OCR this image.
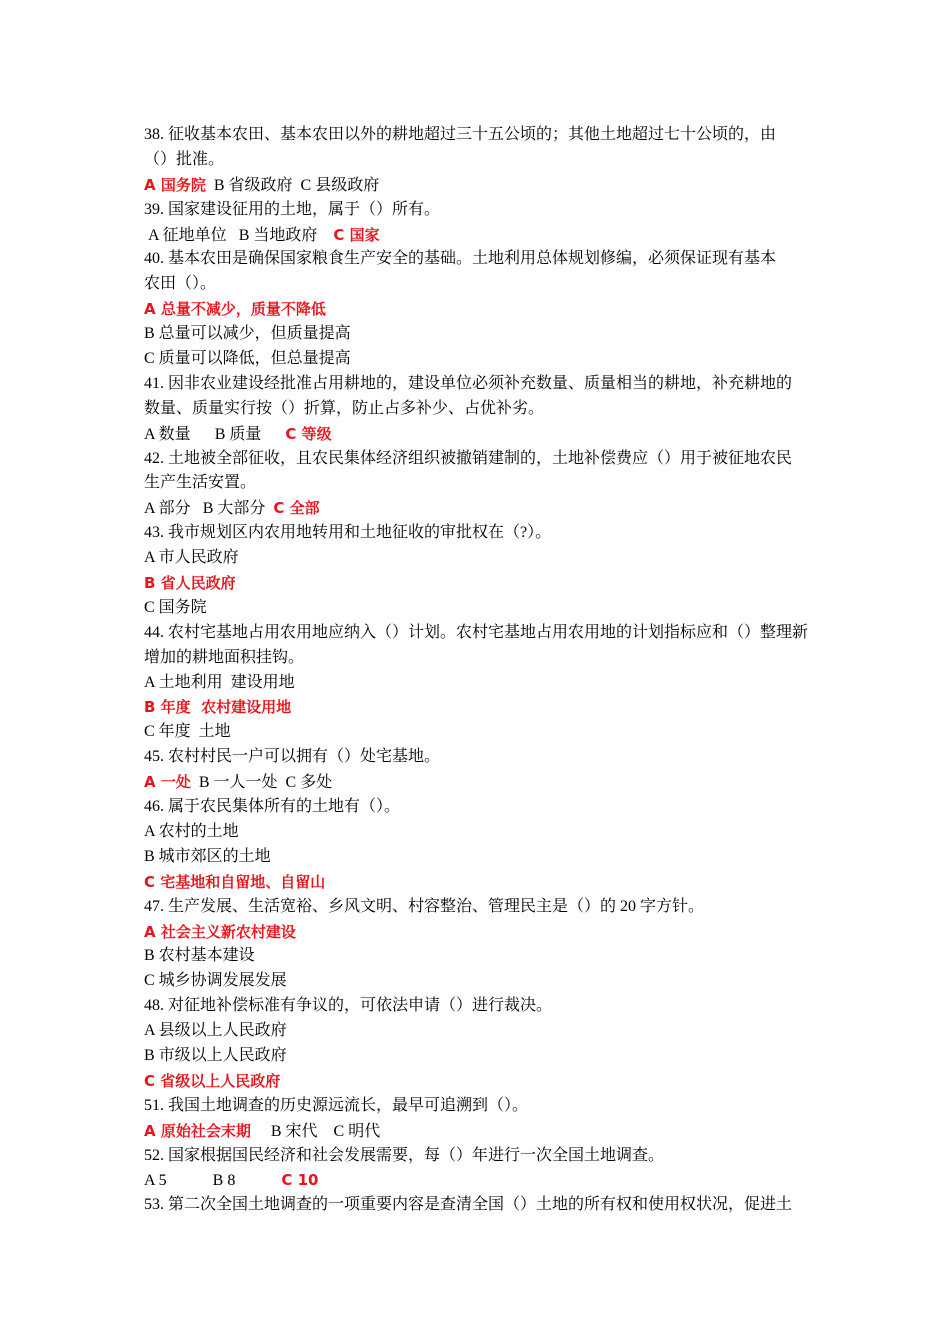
38. 征收基本农田、基本农田以外的耕地超过三十五公顷的；其他土地超过七十公顷的，由
（）批准。
A 国务院 B 省级政府 C 县级政府
39. 国家建设征用的土地，属于（）所有。
A 征地单位 B 当地政府 C 国家
40. 基本农田是确保国家粮食生产安全的基础。土地利用总体规划修编，必须保证现有基本
农田（）。
A 总量不减少，质量不降低
B 总量可以减少，但质量提高
C 质量可以降低，但总量提高
41. 因非农业建设经批准占用耕地的，建设单位必须补充数量、质量相当的耕地，补充耕地的
数量、质量实行按（）折算，防止占多补少、占优补劣。
A 数量 B 质量 C 等级
42. 土地被全部征收，且农民集体经济组织被撤销建制的，土地补偿费应（）用于被征地农民
生产生活安置。
A 部分 B 大部分 C 全部
43. 我市规划区内农用地转用和土地征收的审批权在（?）。
A 市人民政府
B 省人民政府
C 国务院
44. 农村宅基地占用农用地应纳入（）计划。农村宅基地占用农用地的计划指标应和（）整理新
增加的耕地面积挂钩。
A 土地利用  建设用地
B 年度  农村建设用地
C 年度  土地
45. 农村村民一户可以拥有（）处宅基地。
A 一处 B 一人一处 C 多处
46. 属于农民集体所有的土地有（）。
A 农村的土地
B 城市郊区的土地
C 宅基地和自留地、自留山
47. 生产发展、生活宽裕、乡风文明、村容整治、管理民主是（）的 20 字方针。
A 社会主义新农村建设
B 农村基本建设
C 城乡协调发展发展
48. 对征地补偿标准有争议的，可依法申请（）进行裁决。
A 县级以上人民政府
B 市级以上人民政府
C 省级以上人民政府
51. 我国土地调查的历史源远流长，最早可追溯到（）。
A 原始社会末期 B 宋代 C 明代
52. 国家根据国民经济和社会发展需要，每（）年进行一次全国土地调查。
A 5	B 8	C 10
53. 第二次全国土地调查的一项重要内容是查清全国（）土地的所有权和使用权状况，促进土
